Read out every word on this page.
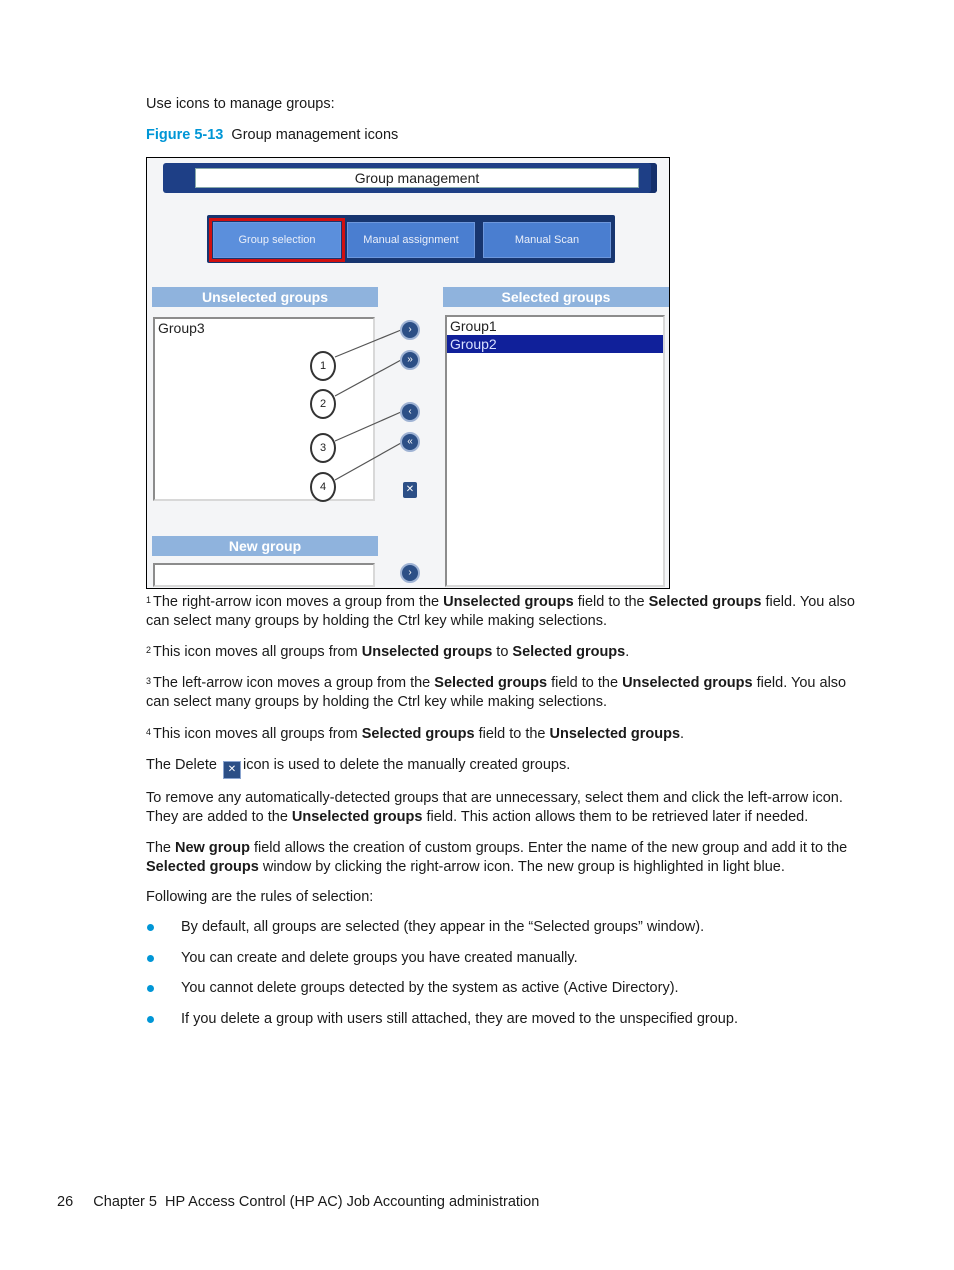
Use icons to manage groups:

Figure 5-13 Group management icons

Group management
Group selection	Manual assignment	Manual Scan
Unselected groups	Selected groups
Group3	Group1
Group2
1
2
3
4
›
»
‹
«
✕
New group
›

$^1$ The right-arrow icon moves a group from the Unselected groups field to the Selected groups field. You also can select many groups by holding the Ctrl key while making selections.

$^2$ This icon moves all groups from Unselected groups to Selected groups.

$^3$ The left-arrow icon moves a group from the Selected groups field to the Unselected groups field. You also can select many groups by holding the Ctrl key while making selections.

$^4$ This icon moves all groups from Selected groups field to the Unselected groups.

The Delete ✕ icon is used to delete the manually created groups.

To remove any automatically-detected groups that are unnecessary, select them and click the left-arrow icon. They are added to the Unselected groups field. This action allows them to be retrieved later if needed.

The New group field allows the creation of custom groups. Enter the name of the new group and add it to the Selected groups window by clicking the right-arrow icon. The new group is highlighted in light blue.

Following are the rules of selection:

By default, all groups are selected (they appear in the “Selected groups” window).
You can create and delete groups you have created manually.
You cannot delete groups detected by the system as active (Active Directory).
If you delete a group with users still attached, they are moved to the unspecified group.
26 Chapter 5  HP Access Control (HP AC) Job Accounting administration
